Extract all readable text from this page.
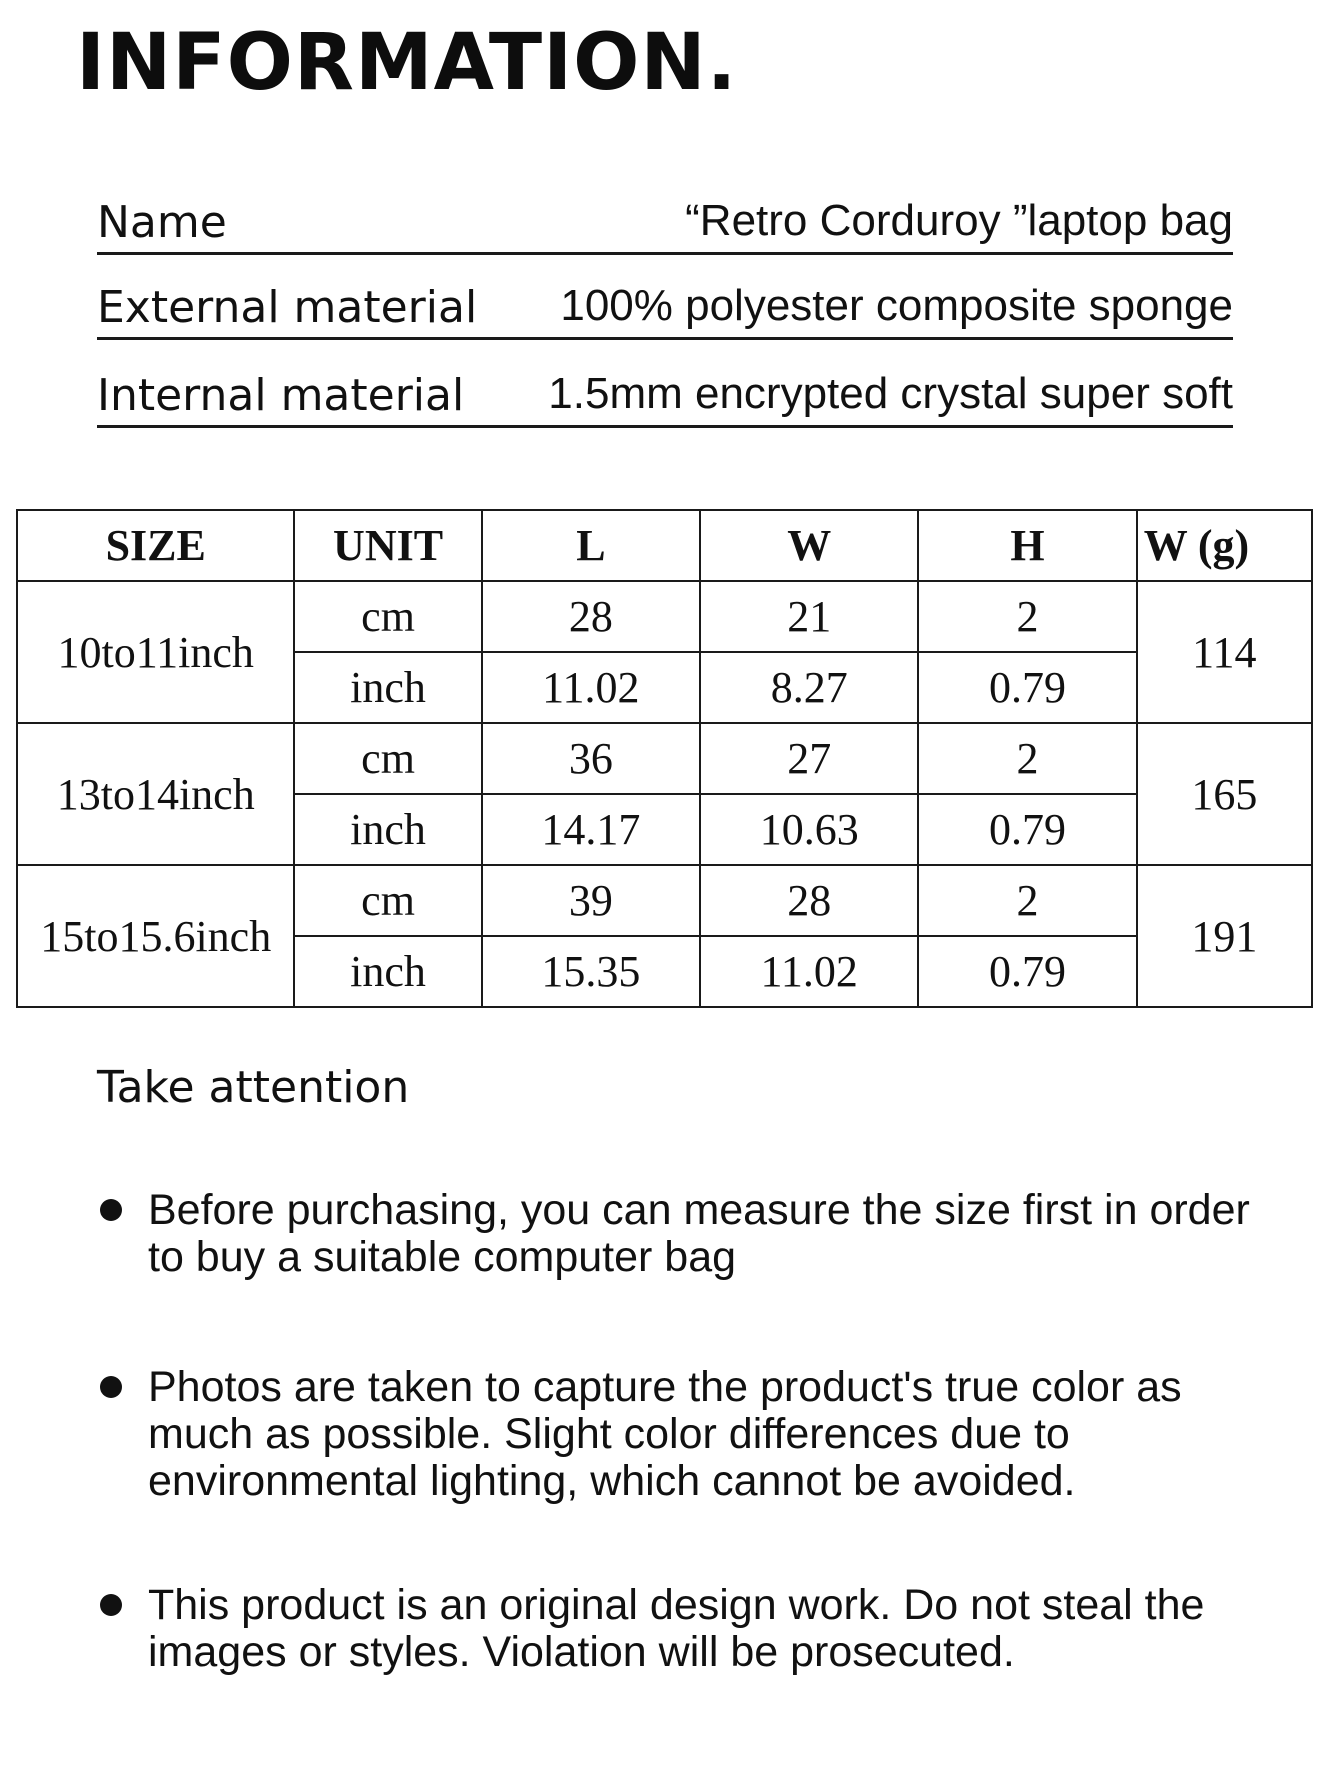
INFORMATION.
Name	“Retro Corduroy ”laptop bag
External material 100% polyester composite sponge
Internal material 1.5mm encrypted crystal super soft
SIZE	UNIT	L	W	H	W (g)
10to11inch	cm	28	21	2	114
	inch	11.02	8.27	0.79	
13to14inch	cm	36	27	2	165
	inch	14.17	10.63	0.79	
15to15.6inch	cm	39	28	2	191
	inch	15.35	11.02	0.79	
Take attention
Before purchasing, you can measure the size first in order to buy a suitable computer bag
Photos are taken to capture the product's true color as much as possible. Slight color differences due to environmental lighting, which cannot be avoided.
This product is an original design work. Do not steal the images or styles. Violation will be prosecuted.
